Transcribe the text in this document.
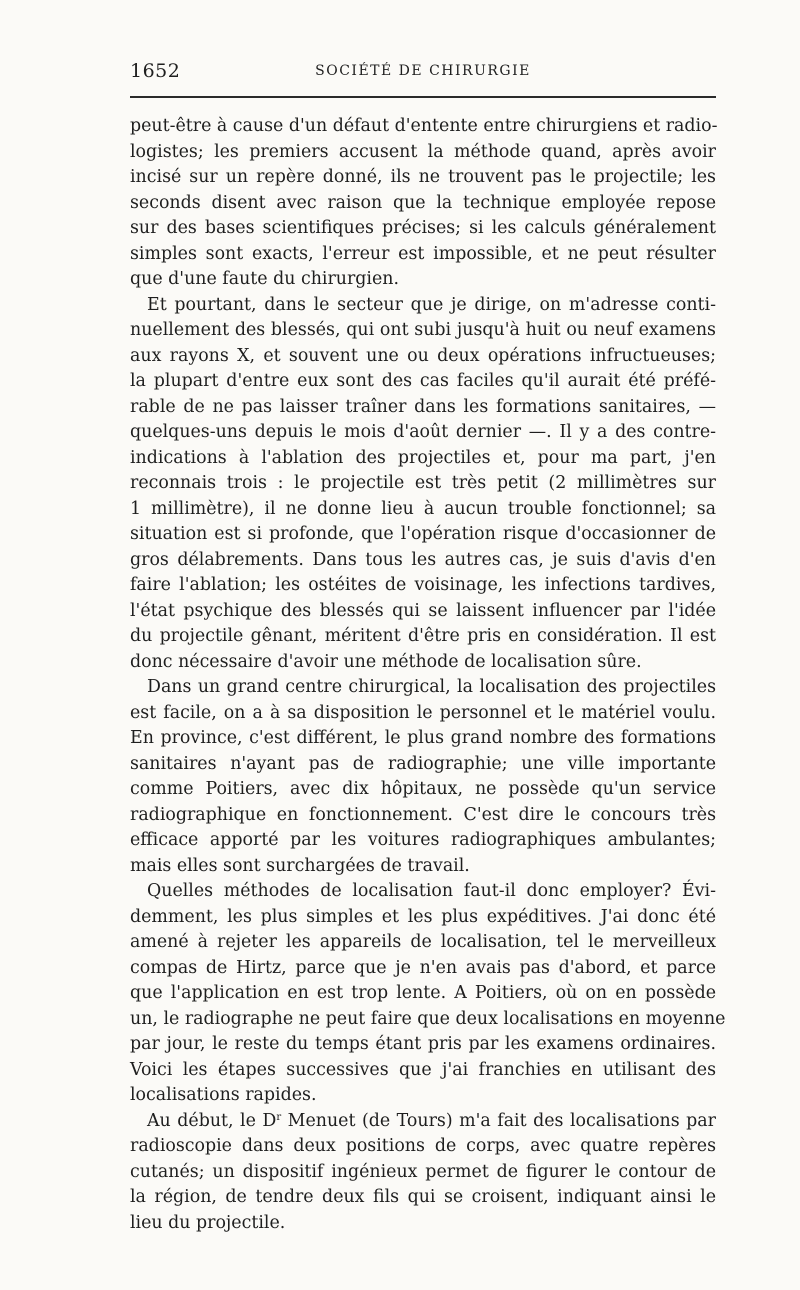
1652	SOCIÉTÉ DE CHIRURGIE

peut-être à cause d'un défaut d'entente entre chirurgiens et radio-
logistes; les premiers accusent la méthode quand, après avoir
incisé sur un repère donné, ils ne trouvent pas le projectile; les
seconds disent avec raison que la technique employée repose
sur des bases scientifiques précises; si les calculs généralement
simples sont exacts, l'erreur est impossible, et ne peut résulter
que d'une faute du chirurgien.

Et pourtant, dans le secteur que je dirige, on m'adresse conti-
nuellement des blessés, qui ont subi jusqu'à huit ou neuf examens
aux rayons X, et souvent une ou deux opérations infructueuses;
la plupart d'entre eux sont des cas faciles qu'il aurait été préfé-
rable de ne pas laisser traîner dans les formations sanitaires, —
quelques-uns depuis le mois d'août dernier —. Il y a des contre-
indications à l'ablation des projectiles et, pour ma part, j'en
reconnais trois : le projectile est très petit (2 millimètres sur
1 millimètre), il ne donne lieu à aucun trouble fonctionnel; sa
situation est si profonde, que l'opération risque d'occasionner de
gros délabrements. Dans tous les autres cas, je suis d'avis d'en
faire l'ablation; les ostéites de voisinage, les infections tardives,
l'état psychique des blessés qui se laissent influencer par l'idée
du projectile gênant, méritent d'être pris en considération. Il est
donc nécessaire d'avoir une méthode de localisation sûre.

Dans un grand centre chirurgical, la localisation des projectiles
est facile, on a à sa disposition le personnel et le matériel voulu.
En province, c'est différent, le plus grand nombre des formations
sanitaires n'ayant pas de radiographie; une ville importante
comme Poitiers, avec dix hôpitaux, ne possède qu'un service
radiographique en fonctionnement. C'est dire le concours très
efficace apporté par les voitures radiographiques ambulantes;
mais elles sont surchargées de travail.

Quelles méthodes de localisation faut-il donc employer? Évi-
demment, les plus simples et les plus expéditives. J'ai donc été
amené à rejeter les appareils de localisation, tel le merveilleux
compas de Hirtz, parce que je n'en avais pas d'abord, et parce
que l'application en est trop lente. A Poitiers, où on en possède
un, le radiographe ne peut faire que deux localisations en moyenne
par jour, le reste du temps étant pris par les examens ordinaires.
Voici les étapes successives que j'ai franchies en utilisant des
localisations rapides.

Au début, le $D^r$ Menuet (de Tours) m'a fait des localisations par
radioscopie dans deux positions de corps, avec quatre repères
cutanés; un dispositif ingénieux permet de figurer le contour de
la région, de tendre deux fils qui se croisent, indiquant ainsi le
lieu du projectile.
